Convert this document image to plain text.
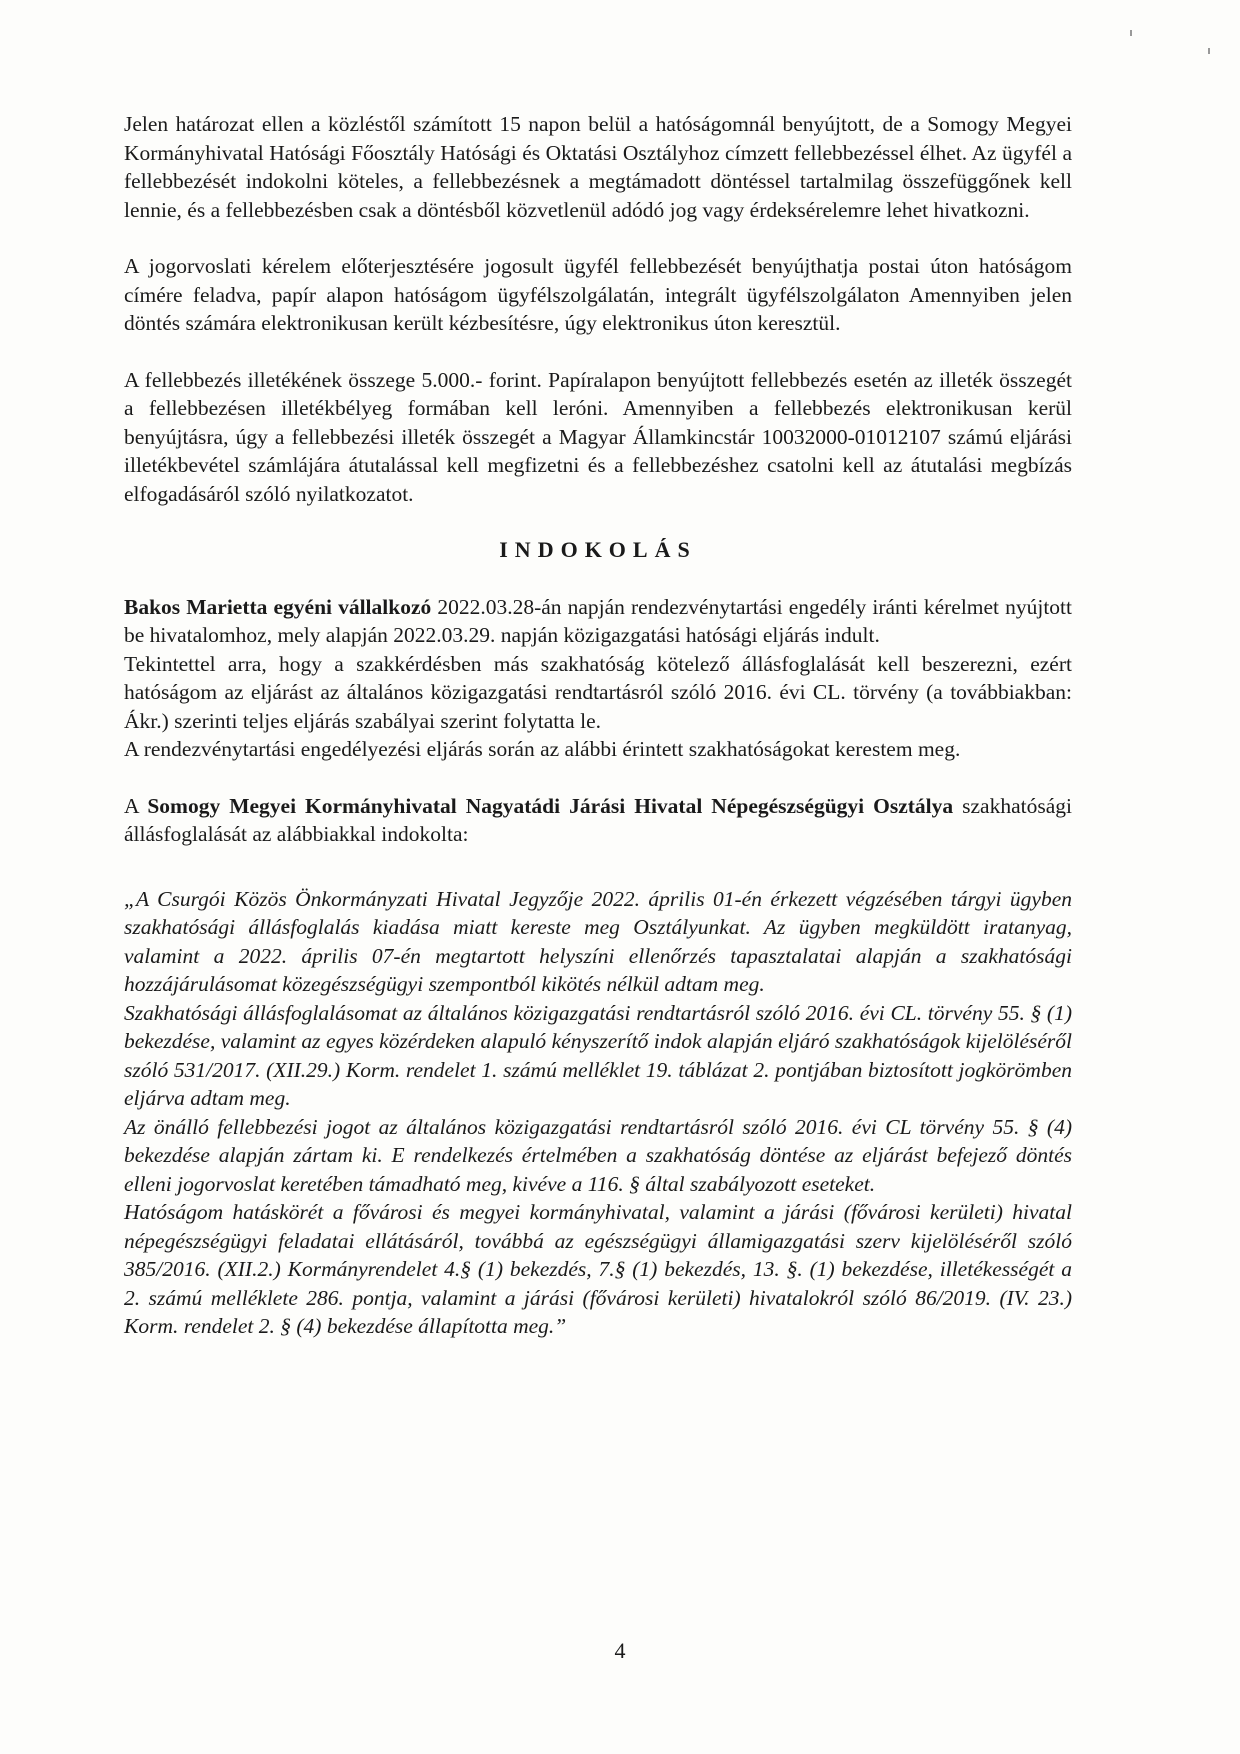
Jelen határozat ellen a közléstől számított 15 napon belül a hatóságomnál benyújtott, de a Somogy Megyei Kormányhivatal Hatósági Főosztály Hatósági és Oktatási Osztályhoz címzett fellebbezéssel élhet. Az ügyfél a fellebbezését indokolni köteles, a fellebbezésnek a megtámadott döntéssel tartalmilag összefüggőnek kell lennie, és a fellebbezésben csak a döntésből közvetlenül adódó jog vagy érdeksérelemre lehet hivatkozni.

A jogorvoslati kérelem előterjesztésére jogosult ügyfél fellebbezését benyújthatja postai úton hatóságom címére feladva, papír alapon hatóságom ügyfélszolgálatán, integrált ügyfélszolgálaton Amennyiben jelen döntés számára elektronikusan került kézbesítésre, úgy elektronikus úton keresztül.

A fellebbezés illetékének összege 5.000.- forint. Papíralapon benyújtott fellebbezés esetén az illeték összegét a fellebbezésen illetékbélyeg formában kell leróni. Amennyiben a fellebbezés elektronikusan kerül benyújtásra, úgy a fellebbezési illeték összegét a Magyar Államkincstár 10032000-01012107 számú eljárási illetékbevétel számlájára átutalással kell megfizetni és a fellebbezéshez csatolni kell az átutalási megbízás elfogadásáról szóló nyilatkozatot.

INDOKOLÁS

Bakos Marietta egyéni vállalkozó 2022.03.28-án napján rendezvénytartási engedély iránti kérelmet nyújtott be hivatalomhoz, mely alapján 2022.03.29. napján közigazgatási hatósági eljárás indult.

Tekintettel arra, hogy a szakkérdésben más szakhatóság kötelező állásfoglalását kell beszerezni, ezért hatóságom az eljárást az általános közigazgatási rendtartásról szóló 2016. évi CL. törvény (a továbbiakban: Ákr.) szerinti teljes eljárás szabályai szerint folytatta le.

A rendezvénytartási engedélyezési eljárás során az alábbi érintett szakhatóságokat kerestem meg.

A Somogy Megyei Kormányhivatal Nagyatádi Járási Hivatal Népegészségügyi Osztálya szakhatósági állásfoglalását az alábbiakkal indokolta:

„A Csurgói Közös Önkormányzati Hivatal Jegyzője 2022. április 01-én érkezett végzésében tárgyi ügyben szakhatósági állásfoglalás kiadása miatt kereste meg Osztályunkat. Az ügyben megküldött iratanyag, valamint a 2022. április 07-én megtartott helyszíni ellenőrzés tapasztalatai alapján a szakhatósági hozzájárulásomat közegészségügyi szempontból kikötés nélkül adtam meg.

Szakhatósági állásfoglalásomat az általános közigazgatási rendtartásról szóló 2016. évi CL. törvény 55. § (1) bekezdése, valamint az egyes közérdeken alapuló kényszerítő indok alapján eljáró szakhatóságok kijelöléséről szóló 531/2017. (XII.29.) Korm. rendelet 1. számú melléklet 19. táblázat 2. pontjában biztosított jogkörömben eljárva adtam meg.

Az önálló fellebbezési jogot az általános közigazgatási rendtartásról szóló 2016. évi CL törvény 55. § (4) bekezdése alapján zártam ki. E rendelkezés értelmében a szakhatóság döntése az eljárást befejező döntés elleni jogorvoslat keretében támadható meg, kivéve a 116. § által szabályozott eseteket.

Hatóságom hatáskörét a fővárosi és megyei kormányhivatal, valamint a járási (fővárosi kerületi) hivatal népegészségügyi feladatai ellátásáról, továbbá az egészségügyi államigazgatási szerv kijelöléséről szóló 385/2016. (XII.2.) Kormányrendelet 4.§ (1) bekezdés, 7.§ (1) bekezdés, 13. §. (1) bekezdése, illetékességét a 2. számú melléklete 286. pontja, valamint a járási (fővárosi kerületi) hivatalokról szóló 86/2019. (IV. 23.) Korm. rendelet 2. § (4) bekezdése állapította meg.”

4
